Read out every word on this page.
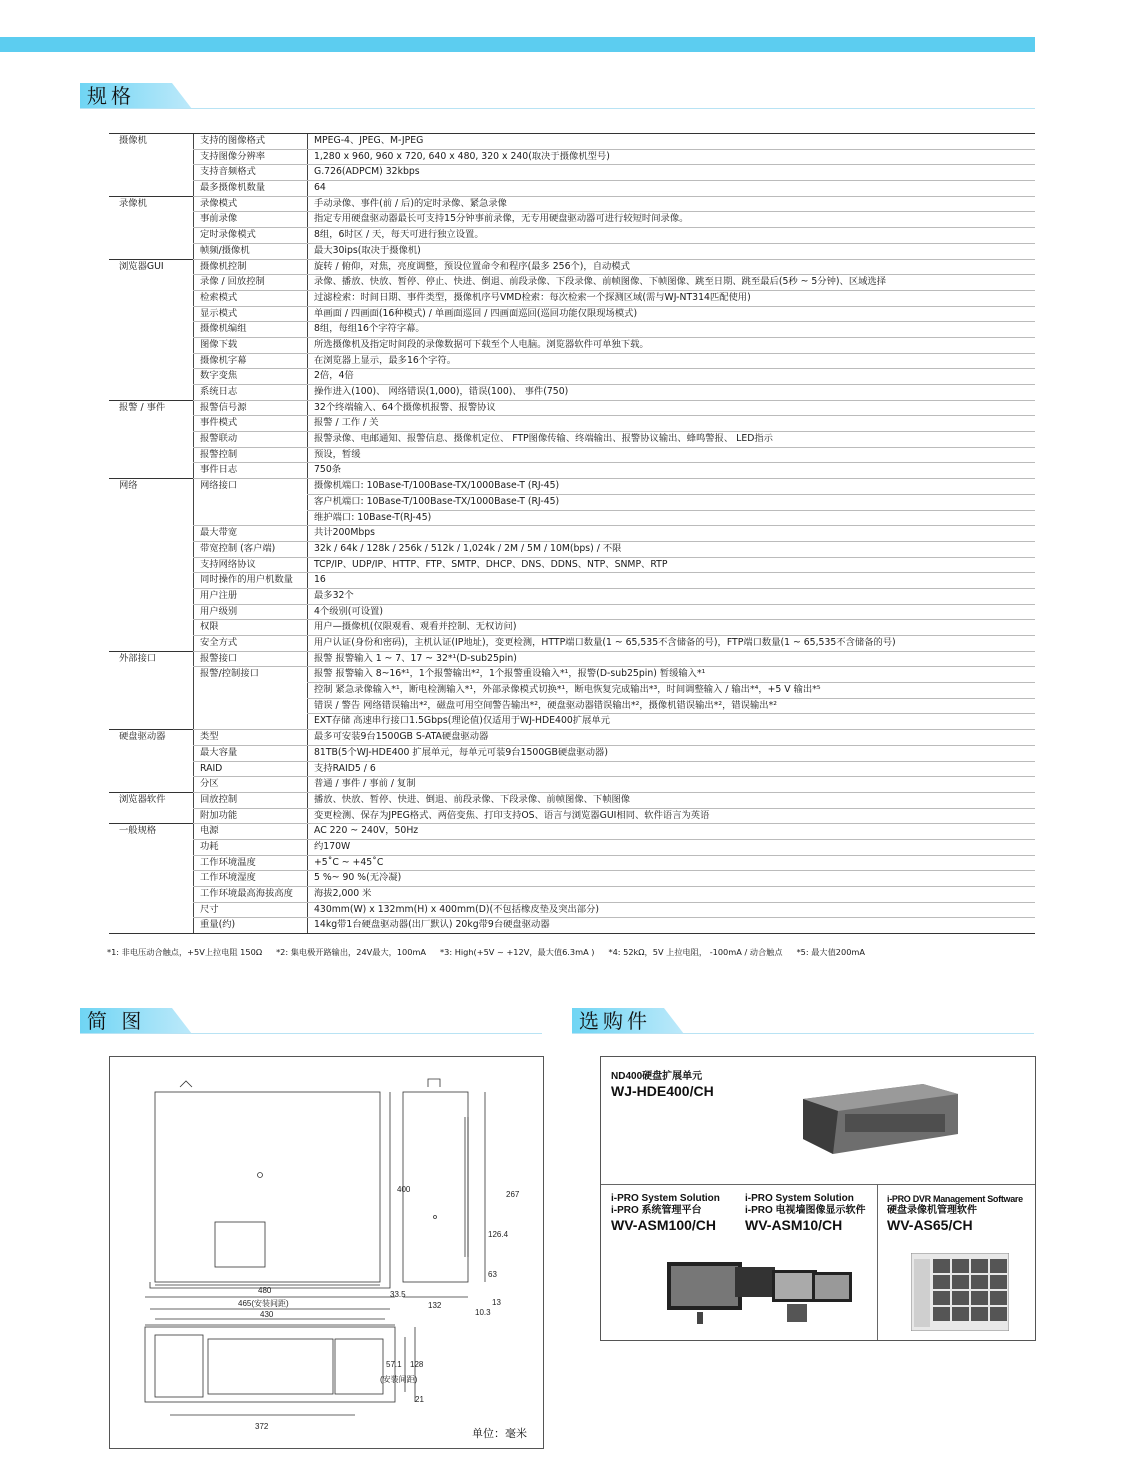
规格
摄像机	支持的图像格式	MPEG-4、JPEG、M-JPEG
	支持图像分辨率	1,280 x 960, 960 x 720, 640 x 480, 320 x 240(取决于摄像机型号)
	支持音频格式	G.726(ADPCM) 32kbps
	最多摄像机数量	64
录像机	录像模式	手动录像、事件(前 / 后)的定时录像、紧急录像
	事前录像	指定专用硬盘驱动器最长可支持15分钟事前录像，无专用硬盘驱动器可进行较短时间录像。
	定时录像模式	8组，6时区 / 天，每天可进行独立设置。
	帧频/摄像机	最大30ips(取决于摄像机)
浏览器GUI	摄像机控制	旋转 / 俯仰，对焦，亮度调整，预设位置命令和程序(最多 256个)，自动模式
	录像 / 回放控制	录像、播放、快放、暂停、停止、快进、倒退、前段录像、下段录像、前帧图像、下帧图像、跳至日期、跳至最后(5秒 ~ 5分钟)、区域选择
	检索模式	过滤检索：时间日期、事件类型，摄像机序号VMD检索：每次检索一个探测区域(需与WJ-NT314匹配使用)
	显示模式	单画面 / 四画面(16种模式) / 单画面巡回 / 四画面巡回(巡回功能仅限现场模式)
	摄像机编组	8组，每组16个字符字幕。
	图像下载	所选摄像机及指定时间段的录像数据可下载至个人电脑。浏览器软件可单独下载。
	摄像机字幕	在浏览器上显示，最多16个字符。
	数字变焦	2倍，4倍
	系统日志	操作进入(100)、 网络错误(1,000)，错误(100)、 事件(750)
报警 / 事件	报警信号源	32个终端输入、64个摄像机报警、报警协议
	事件模式	报警 / 工作 / 关
	报警联动	报警录像、电邮通知、报警信息、摄像机定位、 FTP图像传输、终端输出、报警协议输出、蜂鸣警报、 LED指示
	报警控制	预设，暂缓
	事件日志	750条
网络	网络接口	摄像机端口: 10Base-T/100Base-TX/1000Base-T (RJ-45)
		客户机端口: 10Base-T/100Base-TX/1000Base-T (RJ-45)
		维护端口: 10Base-T(RJ-45)
	最大带宽	共计200Mbps
	带宽控制 (客户端)	32k / 64k / 128k / 256k / 512k / 1,024k / 2M / 5M / 10M(bps) / 不限
	支持网络协议	TCP/IP、UDP/IP、HTTP、FTP、SMTP、DHCP、DNS、DDNS、NTP、SNMP、RTP
	同时操作的用户机数量	16
	用户注册	最多32个
	用户级别	4个级别(可设置)
	权限	用户—摄像机(仅限观看、观看并控制、无权访问)
	安全方式	用户认证(身份和密码)，主机认证(IP地址)，变更检测，HTTP端口数量(1 ~ 65,535不含储备的号)，FTP端口数量(1 ~ 65,535不含储备的号)
外部接口	报警接口	报警 报警输入 1 ~ 7、17 ~ 32*¹(D-sub25pin)
	报警/控制接口	报警 报警输入 8~16*¹，1个报警输出*²，1个报警重设输入*¹，报警(D-sub25pin) 暂缓输入*¹
		控制 紧急录像输入*¹，断电检测输入*¹，外部录像模式切换*¹，断电恢复完成输出*³，时间调整输入 / 输出*⁴，+5 V 输出*⁵
		错误 / 警告 网络错误输出*²，磁盘可用空间警告输出*²，硬盘驱动器错误输出*²，摄像机错误输出*²，错误输出*²
		EXT存储 高速串行接口1.5Gbps(理论值)仅适用于WJ-HDE400扩展单元
硬盘驱动器	类型	最多可安装9台1500GB S-ATA硬盘驱动器
	最大容量	81TB(5个WJ-HDE400 扩展单元，每单元可装9台1500GB硬盘驱动器)
	RAID	支持RAID5 / 6
	分区	普通 / 事件 / 事前 / 复制
浏览器软件	回放控制	播放、快放、暂停、快进、倒退、前段录像、下段录像、前帧图像、下帧图像
	附加功能	变更检测、保存为JPEG格式、两倍变焦、打印支持OS、语言与浏览器GUI相同、软件语言为英语
一般规格	电源	AC 220 ~ 240V，50Hz
	功耗	约170W
	工作环境温度	+5˚C ~ +45˚C
	工作环境湿度	5 %~ 90 %(无冷凝)
	工作环境最高海拔高度	海拔2,000 米
	尺寸	430mm(W) x 132mm(H) x 400mm(D)(不包括橡皮垫及突出部分)
	重量(约)	14kg带1台硬盘驱动器(出厂默认) 20kg带9台硬盘驱动器
*1: 非电压动合触点，+5V上拉电阻 150Ω *2: 集电极开路输出，24V最大，100mA *3: High(+5V ~ +12V，最大值6.3mA ) *4: 52kΩ，5V 上拉电阻， -100mA / 动合触点 *5: 最大值200mA
简 图	选购件
480
465(安装间距)
430
400
33.5
132
267
126.4
63
10.3
13
57.1
(安装间距)
128
21
372
单位：毫米
ND400硬盘扩展单元
WJ-HDE400/CH
i-PRO System Solution
i-PRO 系统管理平台
WV-ASM100/CH
i-PRO System Solution
i-PRO 电视墙图像显示软件
WV-ASM10/CH
i-PRO DVR Management Software
硬盘录像机管理软件
WV-AS65/CH
